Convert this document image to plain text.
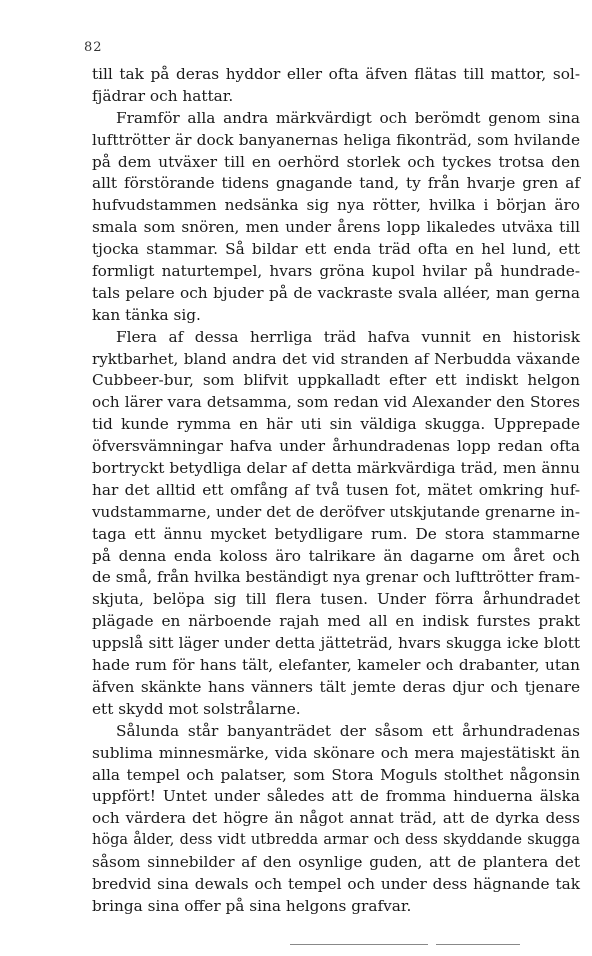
82
till tak på deras hyddor eller ofta äfven flätas till mattor, sol-
fjädrar och hattar.
Framför alla andra märkvärdigt och berömdt genom sina
lufttrötter är dock banyanernas heliga fikonträd, som hvilande
på dem utväxer till en oerhörd storlek och tyckes trotsa den
allt förstörande tidens gnagande tand, ty från hvarje gren af
hufvudstammen nedsänka sig nya rötter, hvilka i början äro
smala som snören, men under årens lopp likaledes utväxa till
tjocka stammar. Så bildar ett enda träd ofta en hel lund, ett
formligt naturtempel, hvars gröna kupol hvilar på hundrade-
tals pelare och bjuder på de vackraste svala alléer, man gerna
kan tänka sig.
Flera af dessa herrliga träd hafva vunnit en historisk
ryktbarhet, bland andra det vid stranden af Nerbudda växande
Cubbeer-bur, som blifvit uppkalladt efter ett indiskt helgon
och lärer vara detsamma, som redan vid Alexander den Stores
tid kunde rymma en här uti sin väldiga skugga. Upprepade
öfversvämningar hafva under århundradenas lopp redan ofta
bortryckt betydliga delar af detta märkvärdiga träd, men ännu
har det alltid ett omfång af två tusen fot, mätet omkring huf-
vudstammarne, under det de deröfver utskjutande grenarne in-
taga ett ännu mycket betydligare rum. De stora stammarne
på denna enda koloss äro talrikare än dagarne om året och
de små, från hvilka beständigt nya grenar och lufttrötter fram-
skjuta, belöpa sig till flera tusen. Under förra århundradet
plägade en närboende rajah med all en indisk furstes prakt
uppslå sitt läger under detta jätteträd, hvars skugga icke blott
hade rum för hans tält, elefanter, kameler och drabanter, utan
äfven skänkte hans vänners tält jemte deras djur och tjenare
ett skydd mot solstrålarne.
Sålunda står banyanträdet der såsom ett århundradenas
sublima minnesmärke, vida skönare och mera majestätiskt än
alla tempel och palatser, som Stora Moguls stolthet någonsin
uppfört! Untet under således att de fromma hinduerna älska
och värdera det högre än något annat träd, att de dyrka dess
höga ålder, dess vidt utbredda armar och dess skyddande skugga
såsom sinnebilder af den osynlige guden, att de plantera det
bredvid sina dewals och tempel och under dess hägnande tak
bringa sina offer på sina helgons grafvar.
